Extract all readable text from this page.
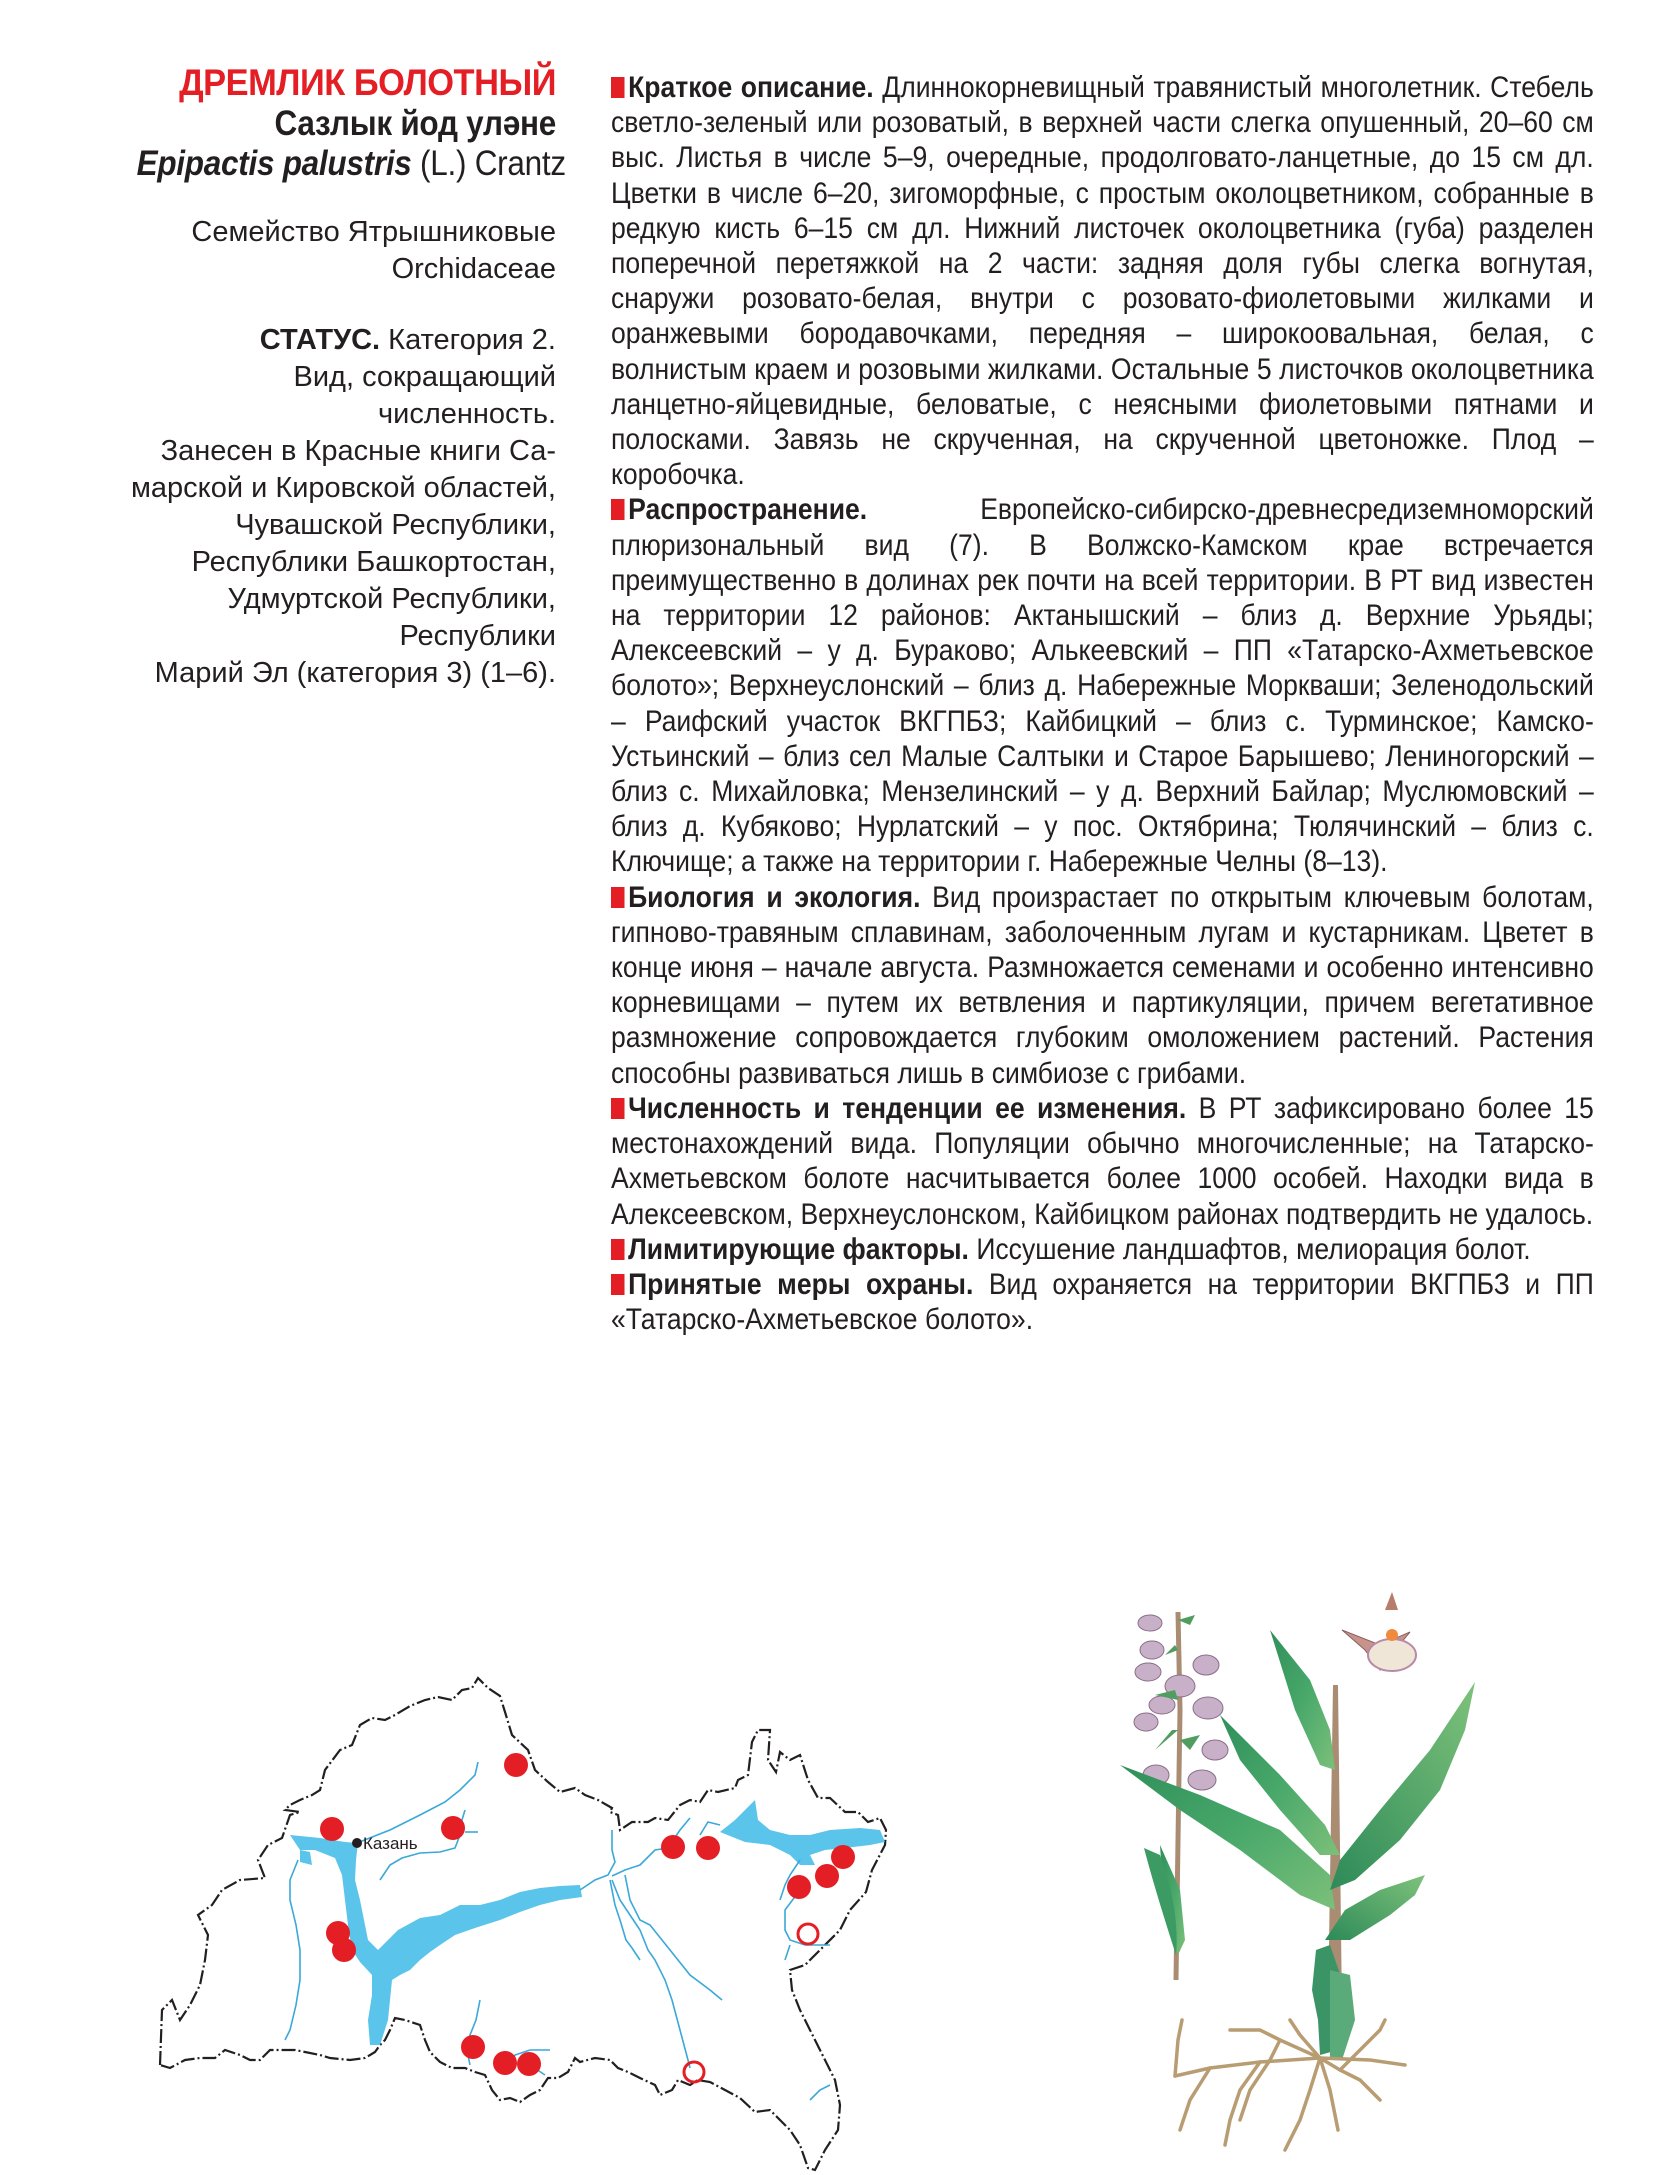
ДРЕМЛИК БОЛОТНЫЙ
Сазлык йод уләне
Epipactis palustris (L.) Crantz
Семейство Ятрышниковые
Orchidaceae
СТАТУС. Категория 2.
Вид, сокращающий
численность.
Занесен в Красные книги Са-
марской и Кировской областей,
Чувашской Республики,
Республики Башкортостан,
Удмуртской Республики,
Республики
Марий Эл (категория 3) (1–6).

Краткое описание. Длиннокорневищный травянистый многолетник. Стебель светло-зеленый или розоватый, в верхней части слегка опушенный, 20–60 см выс. Листья в числе 5–9, очередные, продолговато-ланцетные, до 15 см дл. Цветки в числе 6–20, зигоморфные, с простым околоцветником, собранные в редкую кисть 6–15 см дл. Нижний листочек околоцветника (губа) разделен поперечной перетяжкой на 2 части: задняя доля губы слегка вогнутая, снаружи розовато-белая, внутри с розовато-фиолетовыми жилками и оранжевыми бородавочками, передняя – широкоовальная, белая, с волнистым краем и розовыми жилками. Остальные 5 листочков околоцветника ланцетно-яйцевидные, беловатые, с неясными фиолетовыми пятнами и полосками. Завязь не скрученная, на скрученной цветоножке. Плод – коробочка.

Распространение.    Европейско-сибирско-древнесредиземноморский плюризональный вид (7). В Волжско-Камском крае встречается преимущественно в долинах рек почти на всей территории. В РТ вид известен на территории 12 районов: Актанышский – близ д. Верхние Урьяды; Алексеевский – у д. Бураково; Алькеевский – ПП «Татарско-Ахметьевское болото»; Верхнеуслонский – близ д. Набережные Моркваши; Зеленодольский – Раифский участок ВКГПБЗ; Кайбицкий – близ с. Турминское; Камско-Устьинский – близ сел Малые Салтыки и Старое Барышево; Лениногорский – близ с. Михайловка; Мензелинский – у д. Верхний Байлар; Муслюмовский – близ д. Кубяково; Нурлатский – у пос. Октябрина; Тюлячинский – близ с. Ключище; а также на территории г. Набережные Челны (8–13).

Биология и экология. Вид произрастает по открытым ключевым болотам, гипново-травяным сплавинам, заболоченным лугам и кустарникам. Цветет в конце июня – начале августа. Размножается семенами и особенно интенсивно корневищами – путем их ветвления и партикуляции, причем вегетативное размножение сопровождается глубоким омоложением растений. Растения способны развиваться лишь в симбиозе с грибами.

Численность и тенденции ее изменения. В РТ зафиксировано более 15 местонахождений вида. Популяции обычно многочисленные; на Татарско-Ахметьевском болоте насчитывается более 1000 особей. Находки вида в Алексеевском, Верхнеуслонском, Кайбицком районах подтвердить не удалось.

Лимитирующие факторы. Иссушение ландшафтов, мелиорация болот.

Принятые меры охраны. Вид охраняется на территории ВКГПБЗ и ПП «Татарско-Ахметьевское болото».

Казань
